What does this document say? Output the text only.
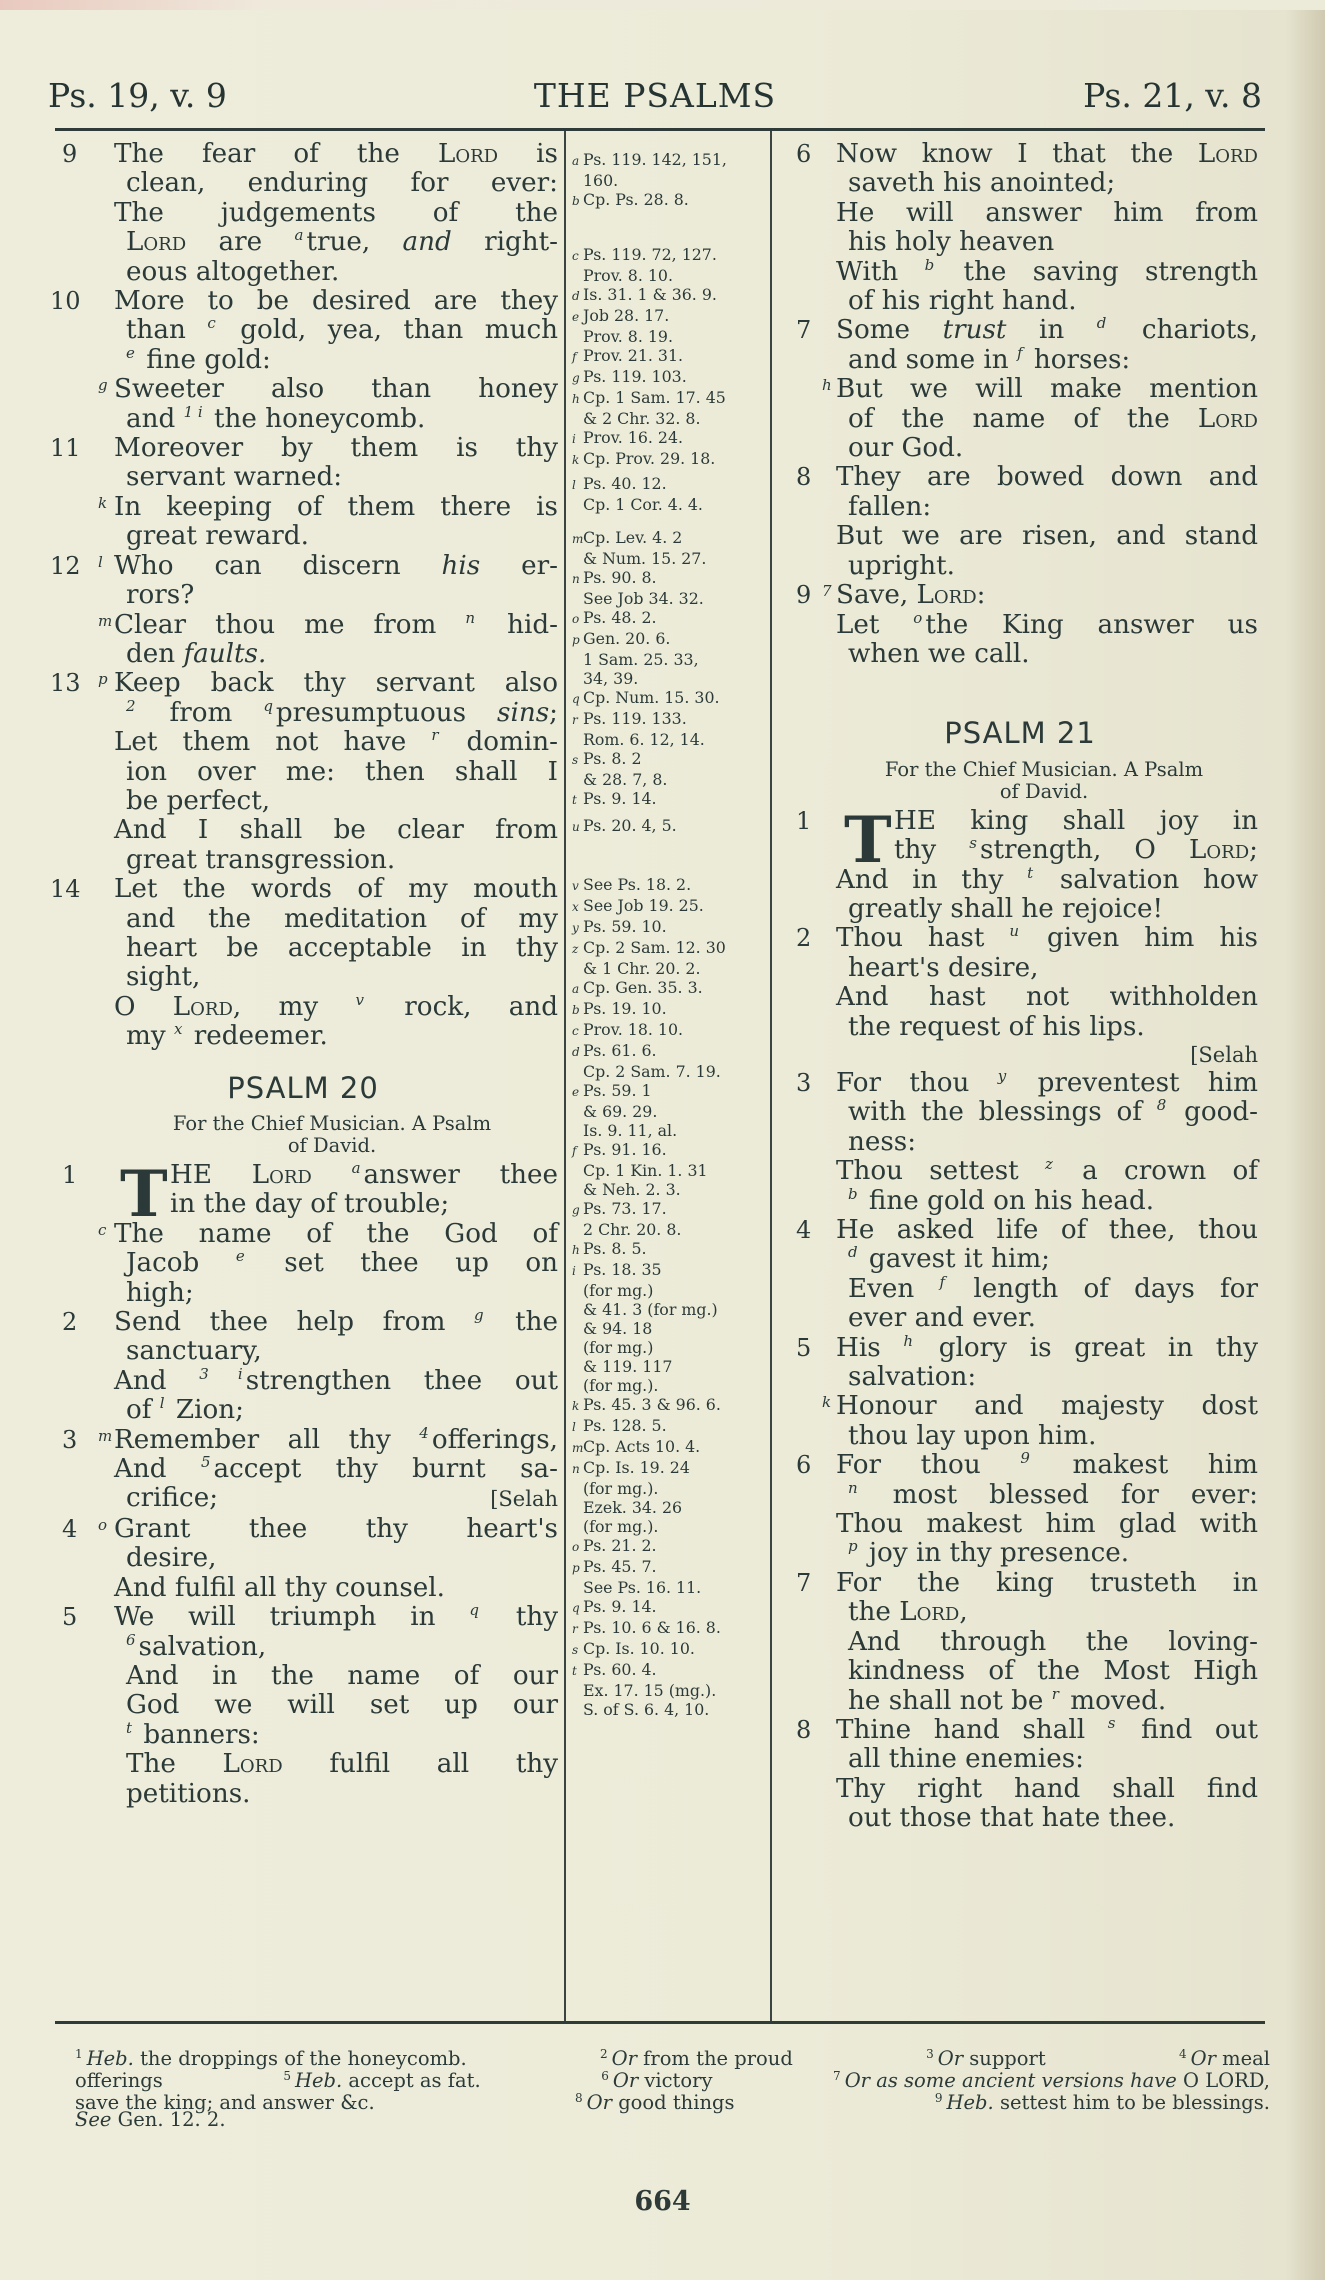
Ps. 19, v. 9	THE PSALMS	Ps. 21, v. 8
9	The fear of the Lord is
clean, enduring for ever:
The judgements of the
Lord are $^a$ true, and right-
eous altogether.
10	More to be desired are they
than $^c$ gold, yea, than much
$^e$ fine gold:
g Sweeter also than honey
and $^{1 i}$ the honeycomb.
11	Moreover by them is thy
servant warned:
k In keeping of them there is
great reward.
12	l Who can discern his er-
rors?
m Clear thou me from $^n$ hid-
den faults.
13	p Keep back thy servant also
$^2$ from $^q$ presumptuous sins;
Let them not have $^r$ domin-
ion over me: then shall I
be perfect,
And I shall be clear from
great transgression.
14	Let the words of my mouth
and the meditation of my
heart be acceptable in thy
sight,
O Lord, my $^v$ rock, and
my $^x$ redeemer.
PSALM 20
For the Chief Musician. A Psalm
of David.
1 T HE Lord	$^a$ answer thee
in the day of trouble;
c The name of the God of
Jacob $^e$ set thee up on
high;
2	Send thee help from $^g$ the
sanctuary,
And $^{3 i}$ strengthen thee out
of $^l$ Zion;
3	m Remember all thy $^4$ offerings,
And $^5$ accept thy burnt sa-
crifice;	[Selah
4	o Grant thee thy heart's
desire,
And fulfil all thy counsel.
5	We will triumph in $^q$ thy
$^6$ salvation,
And in the name of our
God we will set up our
$^t$ banners:
The Lord fulfil all thy
petitions.
a Ps. 119. 142, 151,
160.
b Cp. Ps. 28. 8.
c Ps. 119. 72, 127.
Prov. 8. 10.
d Is. 31. 1 & 36. 9.
e Job 28. 17.
Prov. 8. 19.
f Prov. 21. 31.
g Ps. 119. 103.
h Cp. 1 Sam. 17. 45
& 2 Chr. 32. 8.
i Prov. 16. 24.
k Cp. Prov. 29. 18.
l Ps. 40. 12.
Cp. 1 Cor. 4. 4.
mCp. Lev. 4. 2
& Num. 15. 27.
n Ps. 90. 8.
See Job 34. 32.
o Ps. 48. 2.
p Gen. 20. 6.
1 Sam. 25. 33,
34, 39.
q Cp. Num. 15. 30.
r Ps. 119. 133.
Rom. 6. 12, 14.
s Ps. 8. 2
& 28. 7, 8.
t Ps. 9. 14.
u Ps. 20. 4, 5.
v See Ps. 18. 2.
x See Job 19. 25.
y Ps. 59. 10.
z Cp. 2 Sam. 12. 30
& 1 Chr. 20. 2.
a Cp. Gen. 35. 3.
b Ps. 19. 10.
c Prov. 18. 10.
d Ps. 61. 6.
Cp. 2 Sam. 7. 19.
e Ps. 59. 1
& 69. 29.
Is. 9. 11, al.
f Ps. 91. 16.
Cp. 1 Kin. 1. 31
& Neh. 2. 3.
g Ps. 73. 17.
2 Chr. 20. 8.
h Ps. 8. 5.
i Ps. 18. 35
(for mg.)
& 41. 3 (for mg.)
& 94. 18
(for mg.)
& 119. 117
(for mg.).
k Ps. 45. 3 & 96. 6.
l Ps. 128. 5.
mCp. Acts 10. 4.
n Cp. Is. 19. 24
(for mg.).
Ezek. 34. 26
(for mg.).
o Ps. 21. 2.
p Ps. 45. 7.
See Ps. 16. 11.
q Ps. 9. 14.
r Ps. 10. 6 & 16. 8.
s Cp. Is. 10. 10.
t Ps. 60. 4.
Ex. 17. 15 (mg.).
S. of S. 6. 4, 10.
6 Now know I that the Lord
saveth his anointed;
He will answer him from
his holy heaven
With $^b$ the saving strength
of his right hand.
7 Some trust in $^d$ chariots,
and some in $^f$ horses:
h But we will make mention
of the name of the Lord
our God.
8 They are bowed down and
fallen:
But we are risen, and stand
upright.
9 7 Save, Lord:
Let $^o$ the King answer us
when we call.
PSALM 21
For the Chief Musician. A Psalm
of David.
1 T HE king shall joy in
thy $^s$ strength, O Lord;
And in thy $^t$ salvation how
greatly shall he rejoice!
2 Thou hast $^u$ given him his
heart's desire,
And hast not withholden
the request of his lips.
[Selah
3 For thou $^y$ preventest him
with the blessings of $^8$ good-
ness:
Thou settest $^z$ a crown of
$^b$ fine gold on his head.
4 He asked life of thee, thou
$^d$ gavest it him;
Even $^f$ length of days for
ever and ever.
5 His $^h$ glory is great in thy
salvation:
k Honour and majesty dost
thou lay upon him.
6 For thou $^9$ makest him
$^n$ most blessed for ever:
Thou makest him glad with
$^p$ joy in thy presence.
7 For the king trusteth in
the Lord,
And through the loving-
kindness of the Most High
he shall not be $^r$ moved.
8 Thine hand shall $^s$ find out
all thine enemies:
Thy right hand shall find
out those that hate thee.
$^1$ Heb. the droppings of the honeycomb.	$^2$ Or from the proud	$^3$ Or support	$^4$ Or meal
offerings	$^5$ Heb. accept as fat.	$^6$ Or victory	$^7$ Or as some ancient versions have O LORD,
save the king; and answer &c.	$^8$ Or good things	$^9$ Heb. settest him to be blessings.
See Gen. 12. 2.
664
